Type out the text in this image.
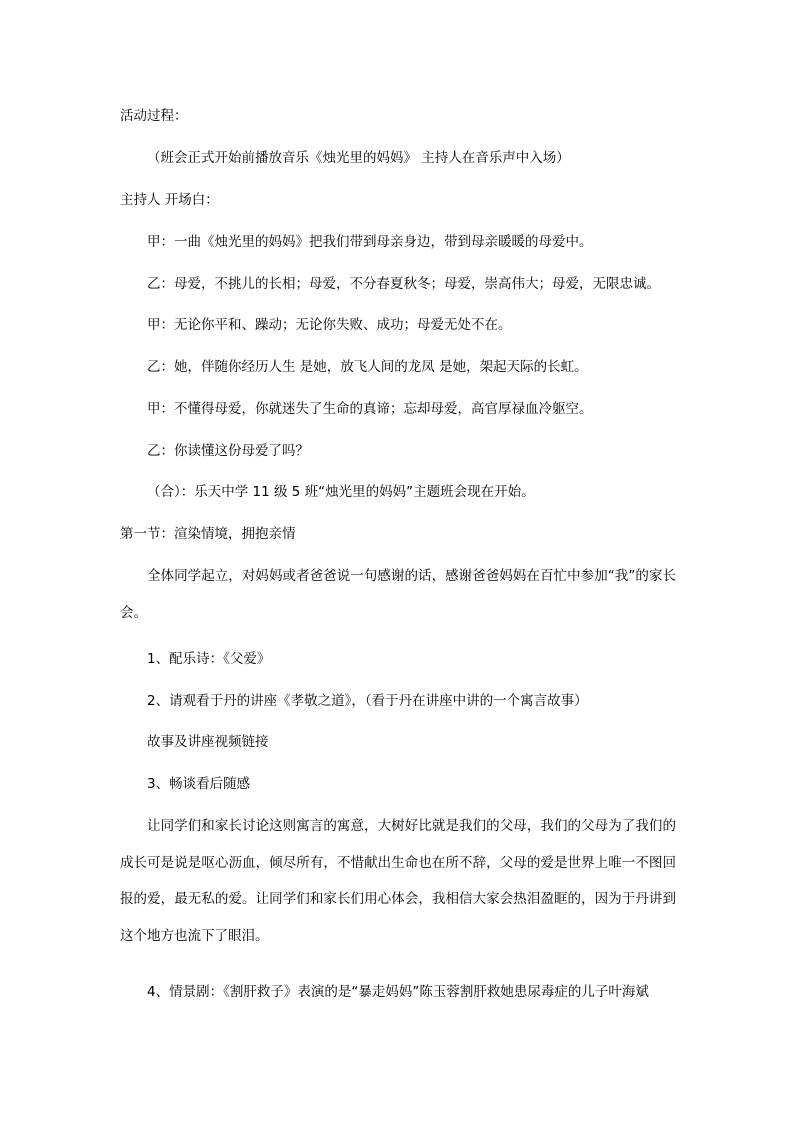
活动过程：
（班会正式开始前播放音乐《烛光里的妈妈》 主持人在音乐声中入场）
主持人 开场白：
甲：一曲《烛光里的妈妈》把我们带到母亲身边，带到母亲暖暖的母爱中。
乙：母爱，不挑儿的长相；母爱，不分春夏秋冬；母爱，崇高伟大；母爱，无限忠诚。
甲：无论你平和、躁动；无论你失败、成功；母爱无处不在。
乙：她，伴随你经历人生 是她，放飞人间的龙凤 是她，架起天际的长虹。
甲：不懂得母爱，你就迷失了生命的真谛；忘却母爱，高官厚禄血冷躯空。
乙：你读懂这份母爱了吗？
（合）：乐天中学 11 级 5 班“烛光里的妈妈”主题班会现在开始。
第一节：渲染情境，拥抱亲情
全体同学起立，对妈妈或者爸爸说一句感谢的话，感谢爸爸妈妈在百忙中参加“我”的家长会。
1、配乐诗：《父爱》
2、请观看于丹的讲座《孝敬之道》，（看于丹在讲座中讲的一个寓言故事）
故事及讲座视频链接
3、畅谈看后随感
让同学们和家长讨论这则寓言的寓意，大树好比就是我们的父母，我们的父母为了我们的成长可是说是呕心沥血，倾尽所有，不惜献出生命也在所不辞，父母的爱是世界上唯一不图回报的爱，最无私的爱。让同学们和家长们用心体会，我相信大家会热泪盈眶的，因为于丹讲到这个地方也流下了眼泪。
4、情景剧：《割肝救子》表演的是“暴走妈妈”陈玉蓉割肝救她患尿毒症的儿子叶海斌
